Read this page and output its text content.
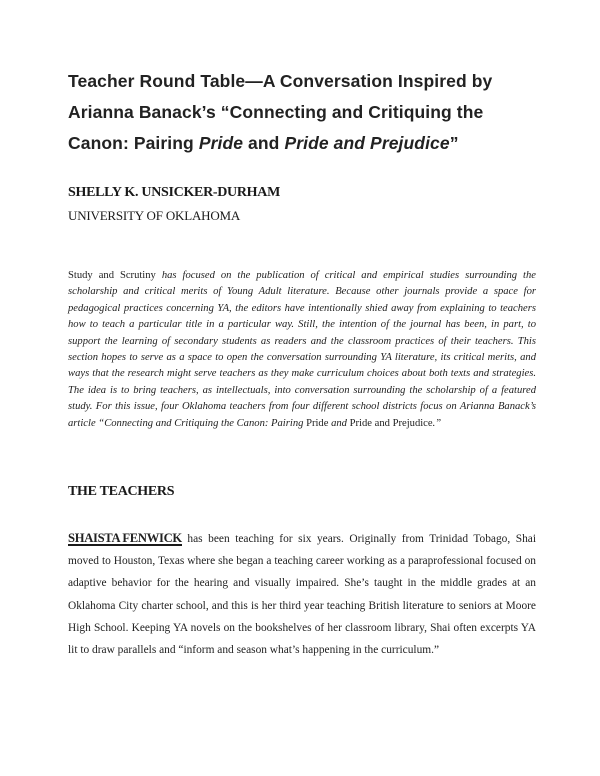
Teacher Round Table—A Conversation Inspired by
Arianna Banack’s “Connecting and Critiquing the
Canon: Pairing Pride and Pride and Prejudice”
SHELLY K. UNSICKER-DURHAM
UNIVERSITY OF OKLAHOMA
Study and Scrutiny has focused on the publication of critical and empirical studies surrounding the scholarship and critical merits of Young Adult literature. Because other journals provide a space for pedagogical practices concerning YA, the editors have intentionally shied away from explaining to teachers how to teach a particular title in a particular way. Still, the intention of the journal has been, in part, to support the learning of secondary students as readers and the classroom practices of their teachers. This section hopes to serve as a space to open the conversation surrounding YA literature, its critical merits, and ways that the research might serve teachers as they make curriculum choices about both texts and strategies. The idea is to bring teachers, as intellectuals, into conversation surrounding the scholarship of a featured study. For this issue, four Oklahoma teachers from four different school districts focus on Arianna Banack’s article “Connecting and Critiquing the Canon: Pairing Pride and Pride and Prejudice.”
THE TEACHERS
SHAISTA FENWICK has been teaching for six years. Originally from Trinidad Tobago, Shai moved to Houston, Texas where she began a teaching career working as a paraprofessional focused on adaptive behavior for the hearing and visually impaired. She’s taught in the middle grades at an Oklahoma City charter school, and this is her third year teaching British literature to seniors at Moore High School. Keeping YA novels on the bookshelves of her classroom library, Shai often excerpts YA lit to draw parallels and “inform and season what’s happening in the curriculum.”
